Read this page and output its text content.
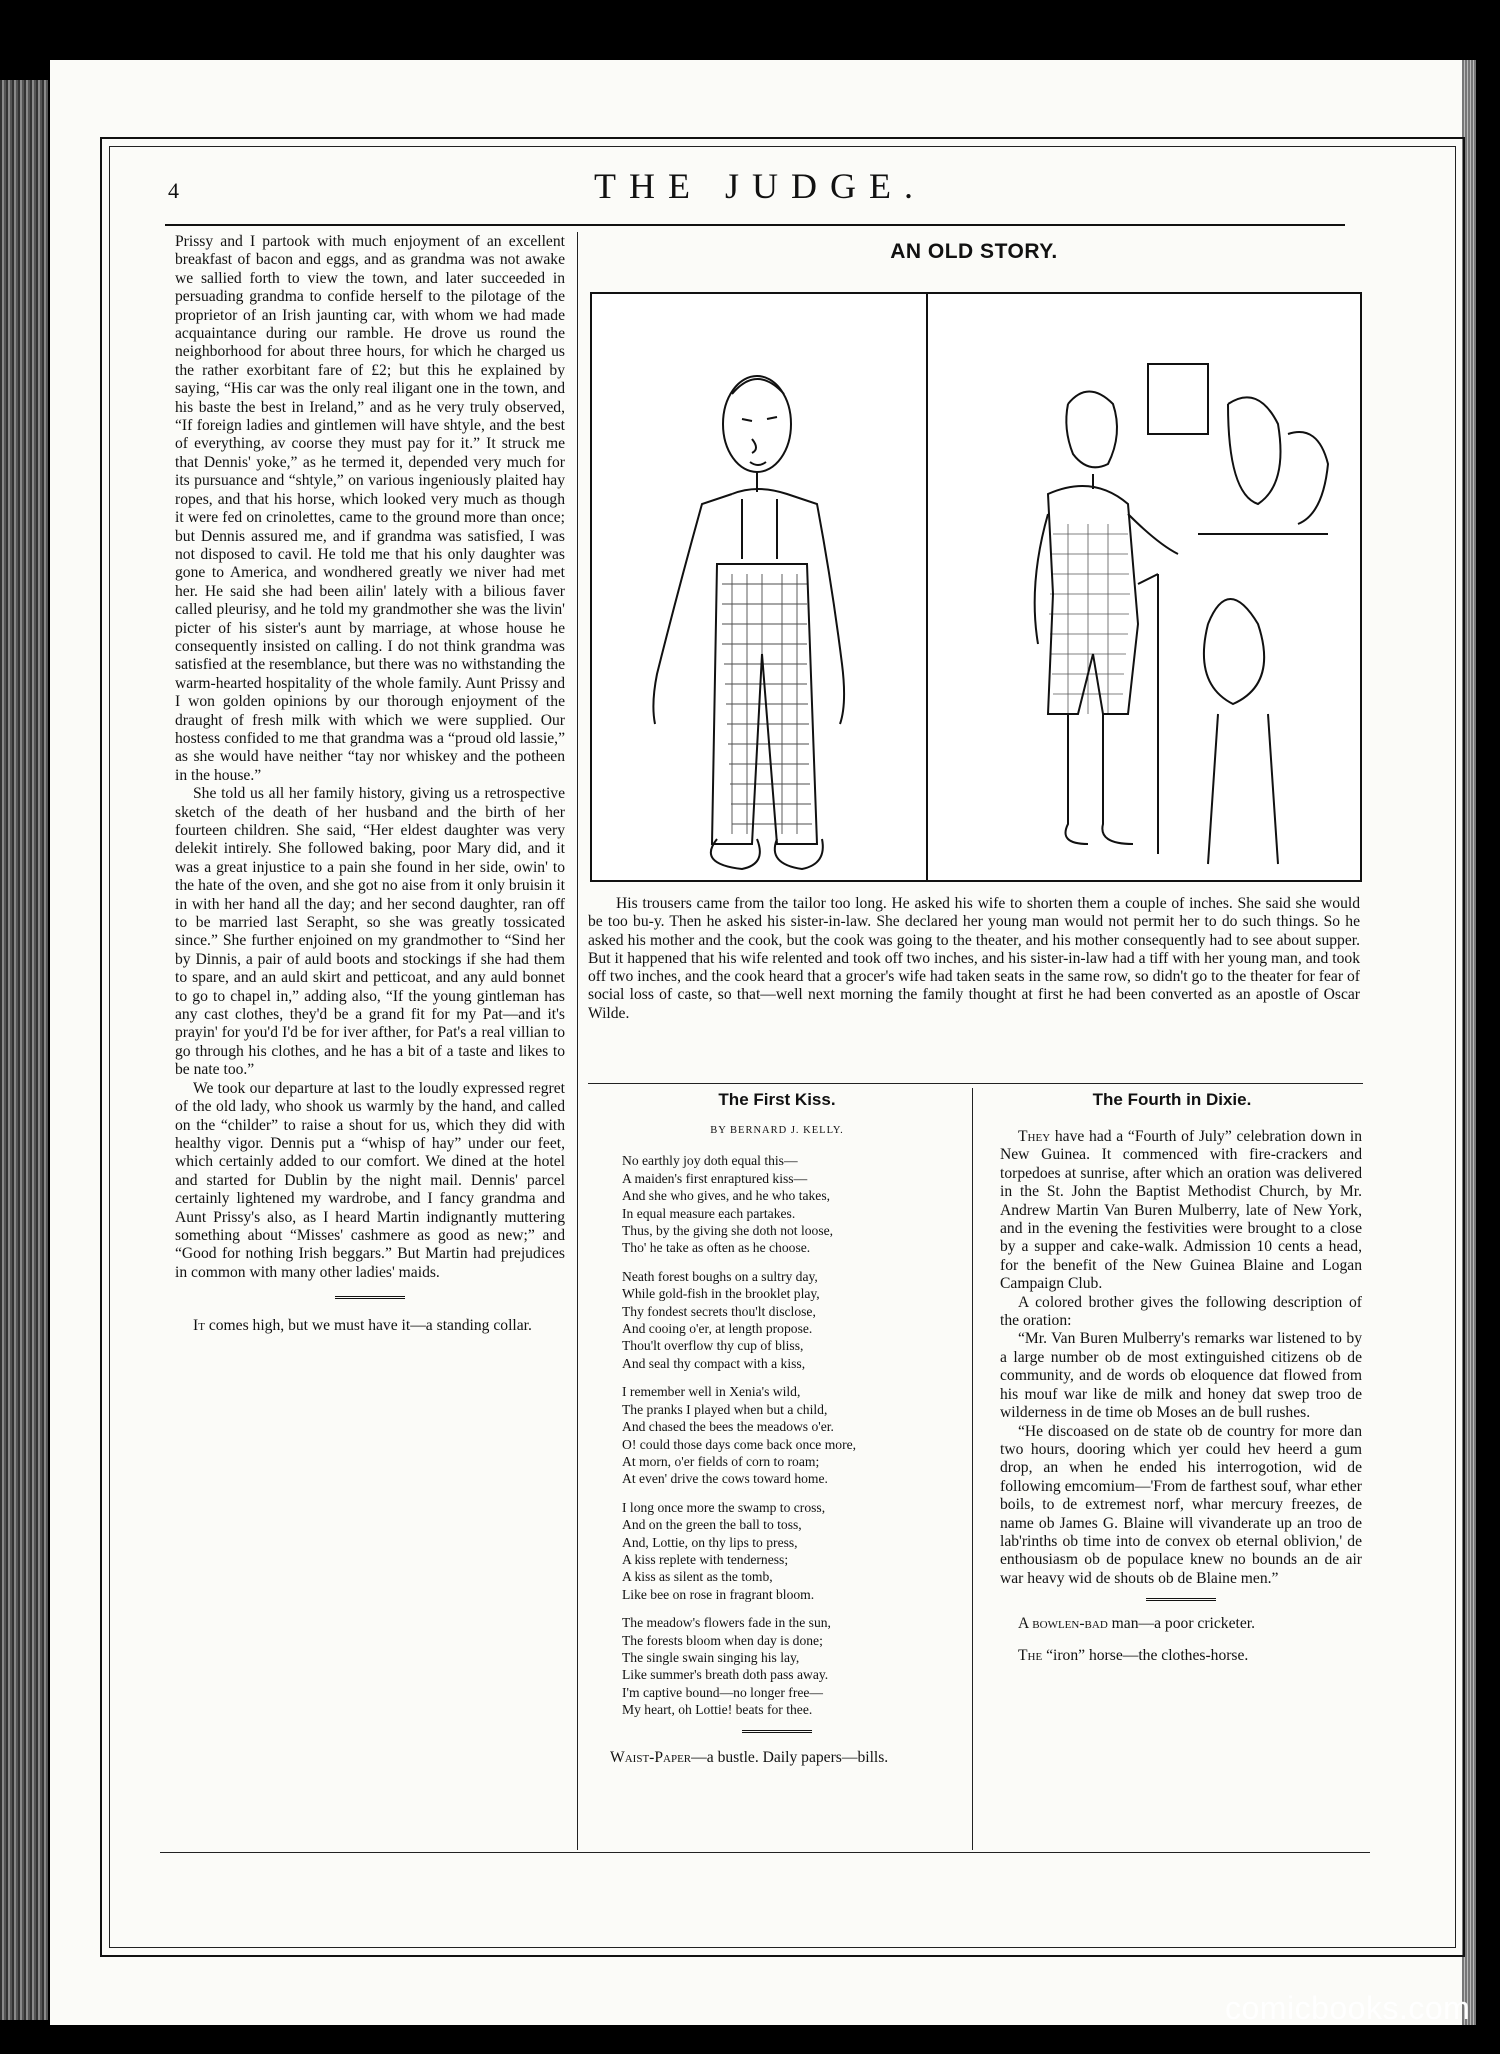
4	THE JUDGE.

Prissy and I partook with much enjoyment of an excellent breakfast of bacon and eggs, and as grandma was not awake we sallied forth to view the town, and later succeeded in persuading grandma to confide herself to the pilotage of the proprietor of an Irish jaunting car, with whom we had made acquaintance during our ramble. He drove us round the neighborhood for about three hours, for which he charged us the rather exorbitant fare of £2; but this he explained by saying, “His car was the only real iligant one in the town, and his baste the best in Ireland,” and as he very truly observed, “If foreign ladies and gintlemen will have shtyle, and the best of everything, av coorse they must pay for it.” It struck me that Dennis' yoke,” as he termed it, depended very much for its pursuance and “shtyle,” on various ingeniously plaited hay ropes, and that his horse, which looked very much as though it were fed on crinolettes, came to the ground more than once; but Dennis assured me, and if grandma was satisfied, I was not disposed to cavil. He told me that his only daughter was gone to America, and wondhered greatly we niver had met her. He said she had been ailin' lately with a bilious faver called pleurisy, and he told my grandmother she was the livin' picter of his sister's aunt by marriage, at whose house he consequently insisted on calling. I do not think grandma was satisfied at the resemblance, but there was no withstanding the warm-hearted hospitality of the whole family. Aunt Prissy and I won golden opinions by our thorough enjoyment of the draught of fresh milk with which we were supplied. Our hostess confided to me that grandma was a “proud old lassie,” as she would have neither “tay nor whiskey and the potheen in the house.”

She told us all her family history, giving us a retrospective sketch of the death of her husband and the birth of her fourteen children. She said, “Her eldest daughter was very delekit intirely. She followed baking, poor Mary did, and it was a great injustice to a pain she found in her side, owin' to the hate of the oven, and she got no aise from it only bruisin it in with her hand all the day; and her second daughter, ran off to be married last Serapht, so she was greatly tossicated since.” She further enjoined on my grandmother to “Sind her by Dinnis, a pair of auld boots and stockings if she had them to spare, and an auld skirt and petticoat, and any auld bonnet to go to chapel in,” adding also, “If the young gintleman has any cast clothes, they'd be a grand fit for my Pat—and it's prayin' for you'd I'd be for iver afther, for Pat's a real villian to go through his clothes, and he has a bit of a taste and likes to be nate too.”

We took our departure at last to the loudly expressed regret of the old lady, who shook us warmly by the hand, and called on the “childer” to raise a shout for us, which they did with healthy vigor. Dennis put a “whisp of hay” under our feet, which certainly added to our comfort. We dined at the hotel and started for Dublin by the night mail. Dennis' parcel certainly lightened my wardrobe, and I fancy grandma and Aunt Prissy's also, as I heard Martin indignantly muttering something about “Misses' cashmere as good as new;” and “Good for nothing Irish beggars.” But Martin had prejudices in common with many other ladies' maids.

It comes high, but we must have it—a standing collar.

AN OLD STORY.

His trousers came from the tailor too long. He asked his wife to shorten them a couple of inches. She said she would be too bu-y. Then he asked his sister-in-law. She declared her young man would not permit her to do such things. So he asked his mother and the cook, but the cook was going to the theater, and his mother consequently had to see about supper. But it happened that his wife relented and took off two inches, and his sister-in-law had a tiff with her young man, and took off two inches, and the cook heard that a grocer's wife had taken seats in the same row, so didn't go to the theater for fear of social loss of caste, so that—well next morning the family thought at first he had been converted as an apostle of Oscar Wilde.

The First Kiss.
BY BERNARD J. KELLY.
No earthly joy doth equal this—
A maiden's first enraptured kiss—
And she who gives, and he who takes,
In equal measure each partakes.
Thus, by the giving she doth not loose,
Tho' he take as often as he choose.
Neath forest boughs on a sultry day,
While gold-fish in the brooklet play,
Thy fondest secrets thou'lt disclose,
And cooing o'er, at length propose.
Thou'lt overflow thy cup of bliss,
And seal thy compact with a kiss,
I remember well in Xenia's wild,
The pranks I played when but a child,
And chased the bees the meadows o'er.
O! could those days come back once more,
At morn, o'er fields of corn to roam;
At even' drive the cows toward home.
I long once more the swamp to cross,
And on the green the ball to toss,
And, Lottie, on thy lips to press,
A kiss replete with tenderness;
A kiss as silent as the tomb,
Like bee on rose in fragrant bloom.
The meadow's flowers fade in the sun,
The forests bloom when day is done;
The single swain singing his lay,
Like summer's breath doth pass away.
I'm captive bound—no longer free—
My heart, oh Lottie! beats for thee.

Waist-Paper—a bustle. Daily papers—bills.

The Fourth in Dixie.

They have had a “Fourth of July” celebration down in New Guinea. It commenced with fire-crackers and torpedoes at sunrise, after which an oration was delivered in the St. John the Baptist Methodist Church, by Mr. Andrew Martin Van Buren Mulberry, late of New York, and in the evening the festivities were brought to a close by a supper and cake-walk. Admission 10 cents a head, for the benefit of the New Guinea Blaine and Logan Campaign Club.

A colored brother gives the following description of the oration:

“Mr. Van Buren Mulberry's remarks war listened to by a large number ob de most extinguished citizens ob de community, and de words ob eloquence dat flowed from his mouf war like de milk and honey dat swep troo de wilderness in de time ob Moses an de bull rushes.

“He discoased on de state ob de country for more dan two hours, dooring which yer could hev heerd a gum drop, an when he ended his interrogotion, wid de following emcomium—'From de farthest souf, whar ether boils, to de extremest norf, whar mercury freezes, de name ob James G. Blaine will vivanderate up an troo de lab'rinths ob time into de convex ob eternal oblivion,' de enthousiasm ob de populace knew no bounds an de air war heavy wid de shouts ob de Blaine men.”

A bowlen-bad man—a poor cricketer.

The “iron” horse—the clothes-horse.

comicbooks.com
